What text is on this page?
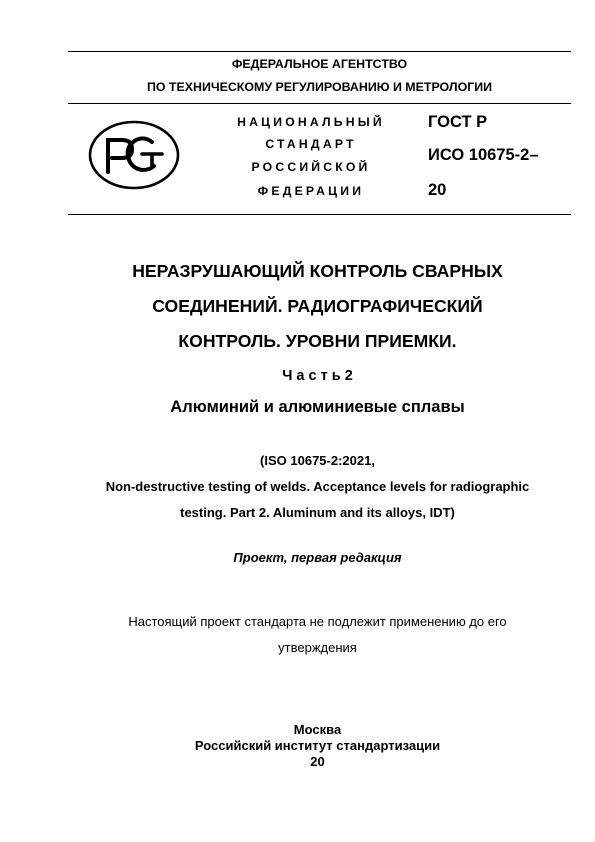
ФЕДЕРАЛЬНОЕ АГЕНТСТВО
ПО ТЕХНИЧЕСКОМУ РЕГУЛИРОВАНИЮ И МЕТРОЛОГИИ
НАЦИОНАЛЬНЫЙ
СТАНДАРТ
РОССИЙСКОЙ
ФЕДЕРАЦИИ
ГОСТ Р
ИСО 10675-2–
20
НЕРАЗРУШАЮЩИЙ КОНТРОЛЬ СВАРНЫХ
СОЕДИНЕНИЙ. РАДИОГРАФИЧЕСКИЙ
КОНТРОЛЬ. УРОВНИ ПРИЕМКИ.
Ч а с т ь 2
Алюминий и алюминиевые сплавы
(ISO 10675-2:2021,
Non-destructive testing of welds. Acceptance levels for radiographic
testing. Part 2. Aluminum and its alloys, IDT)
Проект, первая редакция
Настоящий проект стандарта не подлежит применению до его
утверждения
Москва
Российский институт стандартизации
20
